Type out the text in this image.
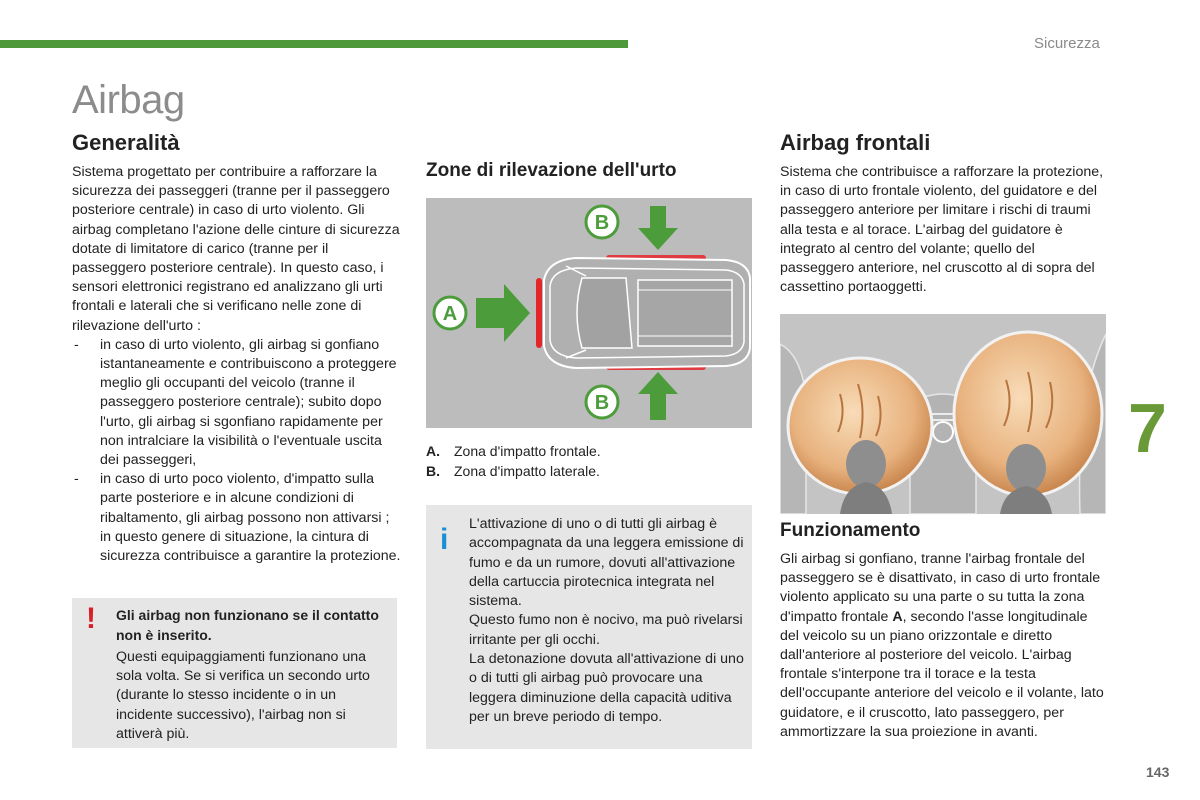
Sicurezza
Airbag
7
143
Generalità

Sistema progettato per contribuire a rafforzare la sicurezza dei passeggeri (tranne per il passeggero posteriore centrale) in caso di urto violento. Gli airbag completano l'azione delle cinture di sicurezza dotate di limitatore di carico (tranne per il passeggero posteriore centrale). In questo caso, i sensori elettronici registrano ed analizzano gli urti frontali e laterali che si verificano nelle zone di rilevazione dell'urto :

- in caso di urto violento, gli airbag si gonfiano istantaneamente e contribuiscono a proteggere meglio gli occupanti del veicolo (tranne il passeggero posteriore centrale); subito dopo l'urto, gli airbag si sgonfiano rapidamente per non intralciare la visibilità o l'eventuale uscita dei passeggeri,
- in caso di urto poco violento, d'impatto sulla parte posteriore e in alcune condizioni di ribaltamento, gli airbag possono non attivarsi ; in questo genere di situazione, la cintura di sicurezza contribuisce a garantire la protezione.
! Gli airbag non funzionano se il contatto non è inserito.
Questi equipaggiamenti funzionano una sola volta. Se si verifica un secondo urto (durante lo stesso incidente o in un incidente successivo), l'airbag non si attiverà più.
Zone di rilevazione dell'urto
A
B
B
A.	Zona d'impatto frontale.
B.	Zona d'impatto laterale.
i L'attivazione di uno o di tutti gli airbag è accompagnata da una leggera emissione di fumo e da un rumore, dovuti all'attivazione della cartuccia pirotecnica integrata nel sistema.

Questo fumo non è nocivo, ma può rivelarsi irritante per gli occhi.

La detonazione dovuta all'attivazione di uno o di tutti gli airbag può provocare una leggera diminuzione della capacità uditiva per un breve periodo di tempo.

Airbag frontali

Sistema che contribuisce a rafforzare la protezione, in caso di urto frontale violento, del guidatore e del passeggero anteriore per limitare i rischi di traumi alla testa e al torace. L'airbag del guidatore è integrato al centro del volante; quello del passeggero anteriore, nel cruscotto al di sopra del cassettino portaoggetti.

Funzionamento

Gli airbag si gonfiano, tranne l'airbag frontale del passeggero se è disattivato, in caso di urto frontale violento applicato su una parte o su tutta la zona d'impatto frontale A, secondo l'asse longitudinale del veicolo su un piano orizzontale e diretto dall'anteriore al posteriore del veicolo. L'airbag frontale s'interpone tra il torace e la testa dell'occupante anteriore del veicolo e il volante, lato guidatore, e il cruscotto, lato passeggero, per ammortizzare la sua proiezione in avanti.
